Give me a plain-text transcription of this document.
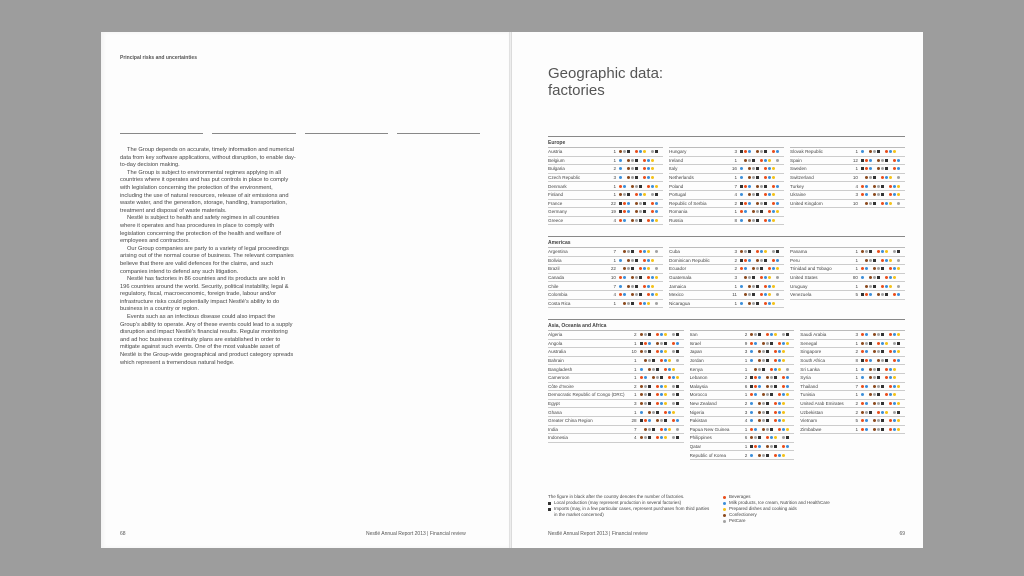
Principal risks and uncertainties

The Group depends on accurate, timely information and numerical data from key software applications, without disruption, to enable day-to-day decision making.

The Group is subject to environmental regimes applying in all countries where it operates and has put controls in place to comply with legislation concerning the protection of the environment, including the use of natural resources, release of air emissions and waste water, and the generation, storage, handling, transportation, treatment and disposal of waste materials.

Nestlé is subject to health and safety regimes in all countries where it operates and has procedures in place to comply with legislation concerning the protection of the health and welfare of employees and contractors.

Our Group companies are party to a variety of legal proceedings arising out of the normal course of business. The relevant companies believe that there are valid defences for the claims, and such companies intend to defend any such litigation.

Nestlé has factories in 86 countries and its products are sold in 196 countries around the world. Security, political instability, legal & regulatory, fiscal, macroeconomic, foreign trade, labour and/or infrastructure risks could potentially impact Nestlé’s ability to do business in a country or region.

Events such as an infectious disease could also impact the Group’s ability to operate. Any of these events could lead to a supply disruption and impact Nestlé’s financial results. Regular monitoring and ad hoc business continuity plans are established in order to mitigate against such events. One of the most valuable asset of Nestlé is the Group-wide geographical and product category spreads which represent a tremendous natural hedge.

68	Nestlé Annual Report 2013 | Financial review
Geographic data:
factories
Europe
Austria	1
Belgium	1
Bulgaria	2
Czech Republic	3
Denmark	1
Finland	1
France	22
Germany	19
Greece	4
Hungary	3
Ireland	1
Italy	16
Netherlands	1
Poland	7
Portugal	4
Republic of Serbia	2
Romania	1
Russia	8
Slovak Republic	1
Spain	12
Sweden	1
Switzerland	10
Turkey	4
Ukraine	3
United Kingdom	10
Americas
Argentina	7
Bolivia	1
Brazil	22
Canada	10
Chile	7
Colombia	4
Costa Rica	1
Cuba	3
Dominican Republic	2
Ecuador	2
Guatemala	3
Jamaica	1
Mexico	11
Nicaragua	1
Panama	1
Peru	1
Trinidad and Tobago	1
United States	80
Uruguay	1
Venezuela	5
Asia, Oceania and Africa
Algeria	2
Angola	1
Australia	10
Bahrain	1
Bangladesh	1
Cameroon	1
Côte d’Ivoire	2
Democratic Republic of Congo (DRC)	1
Egypt	3
Ghana	1
Greater China Region	28
India	7
Indonesia	4
Iran	2
Israel	9
Japan	3
Jordan	1
Kenya	1
Lebanon	2
Malaysia	6
Morocco	1
New Zealand	2
Nigeria	3
Pakistan	4
Papua New Guinea	1
Philippines	6
Qatar	1
Republic of Korea	2
Saudi Arabia	3
Senegal	1
Singapore	2
South Africa	8
Sri Lanka	1
Syria	1
Thailand	7
Tunisia	1
United Arab Emirates	2
Uzbekistan	2
Vietnam	5
Zimbabwe	1
The figure in black after the country denotes the number of factories.
Local production (may represent production in several factories)
Imports (may, in a few particular cases, represent purchases from third parties in the market concerned)
Beverages
Milk products, Ice cream, Nutrition and HealthCare
Prepared dishes and cooking aids
Confectionery
PetCare
69
Nestlé Annual Report 2013 | Financial review
